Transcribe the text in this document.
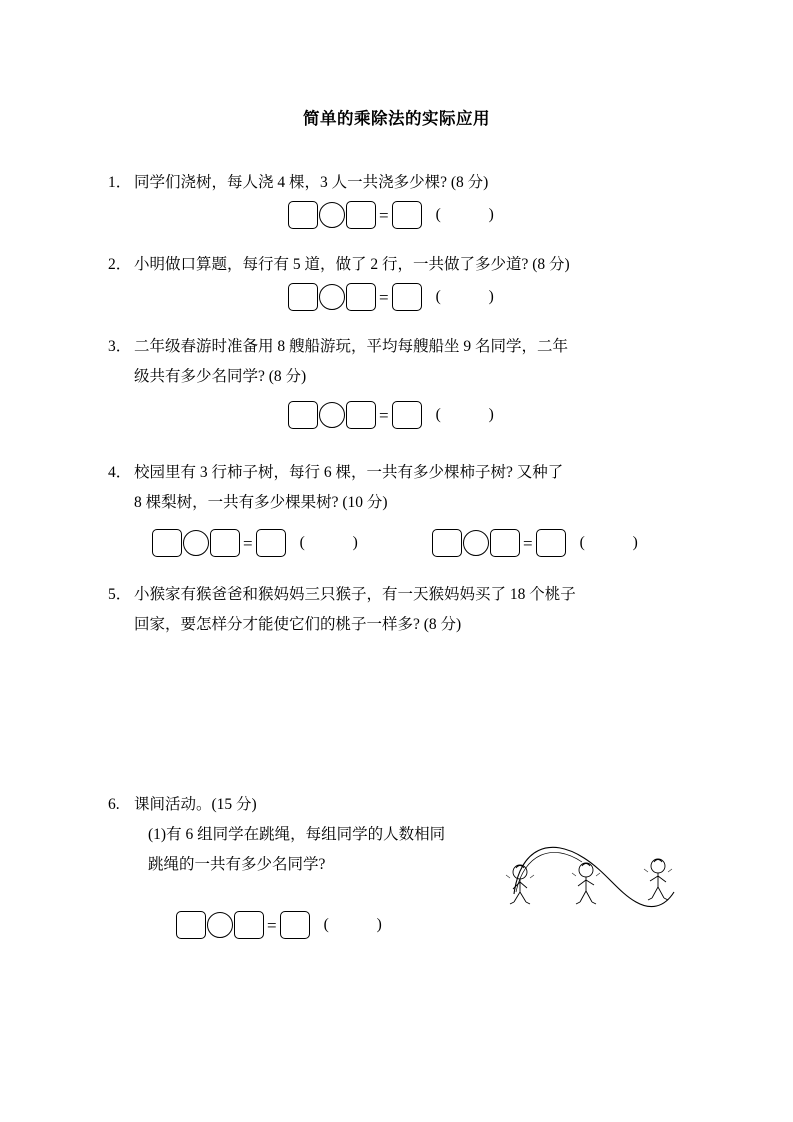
简单的乘除法的实际应用
1． 同学们浇树，每人浇 4 棵，3 人一共浇多少棵? (8 分)
=	( )
2． 小明做口算题，每行有 5 道，做了 2 行，一共做了多少道? (8 分)
=	( )
3． 二年级春游时准备用 8 艘船游玩，平均每艘船坐 9 名同学，二年
级共有多少名同学? (8 分)
=	( )
4． 校园里有 3 行柿子树，每行 6 棵，一共有多少棵柿子树? 又种了
8 棵梨树，一共有多少棵果树? (10 分)
=	( )	=	( )
5． 小猴家有猴爸爸和猴妈妈三只猴子，有一天猴妈妈买了 18 个桃子
回家，要怎样分才能使它们的桃子一样多? (8 分)
6. 课间活动。(15 分)
(1)有 6 组同学在跳绳，每组同学的人数相同
跳绳的一共有多少名同学?
=	( )
